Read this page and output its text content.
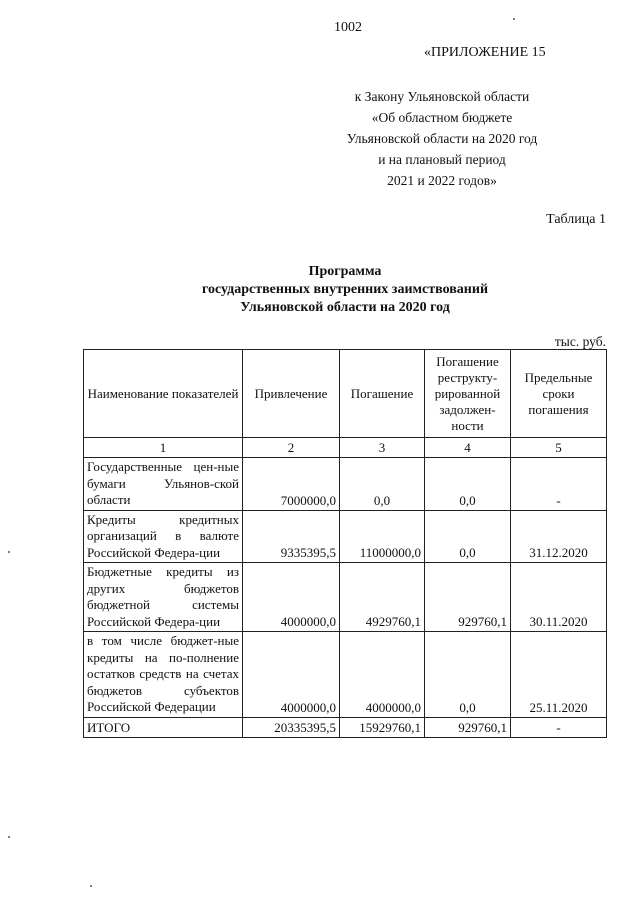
1002
«ПРИЛОЖЕНИЕ 15
к Закону Ульяновской области
«Об областном бюджете
Ульяновской области на 2020 год
и на плановый период
2021 и 2022 годов»
Таблица 1
Программа
государственных внутренних заимствований
Ульяновской области на 2020 год
тыс. руб.
Наименование показателей	Привлечение	Погашение	Погашение реструкту-рированной задолжен-ности	Предельные сроки погашения
1	2	3	4	5
Государственные цен-ные бумаги Ульянов-ской области	7000000,0	0,0	0,0	-
Кредиты кредитных организаций в валюте Российской Федера-ции	9335395,5	11000000,0	0,0	31.12.2020
Бюджетные кредиты из других бюджетов бюджетной системы Российской Федера-ции	4000000,0	4929760,1	929760,1	30.11.2020
в том числе бюджет-ные кредиты на по-полнение остатков средств на счетах бюджетов субъектов Российской Федерации	4000000,0	4000000,0	0,0	25.11.2020
ИТОГО	20335395,5	15929760,1	929760,1	-
